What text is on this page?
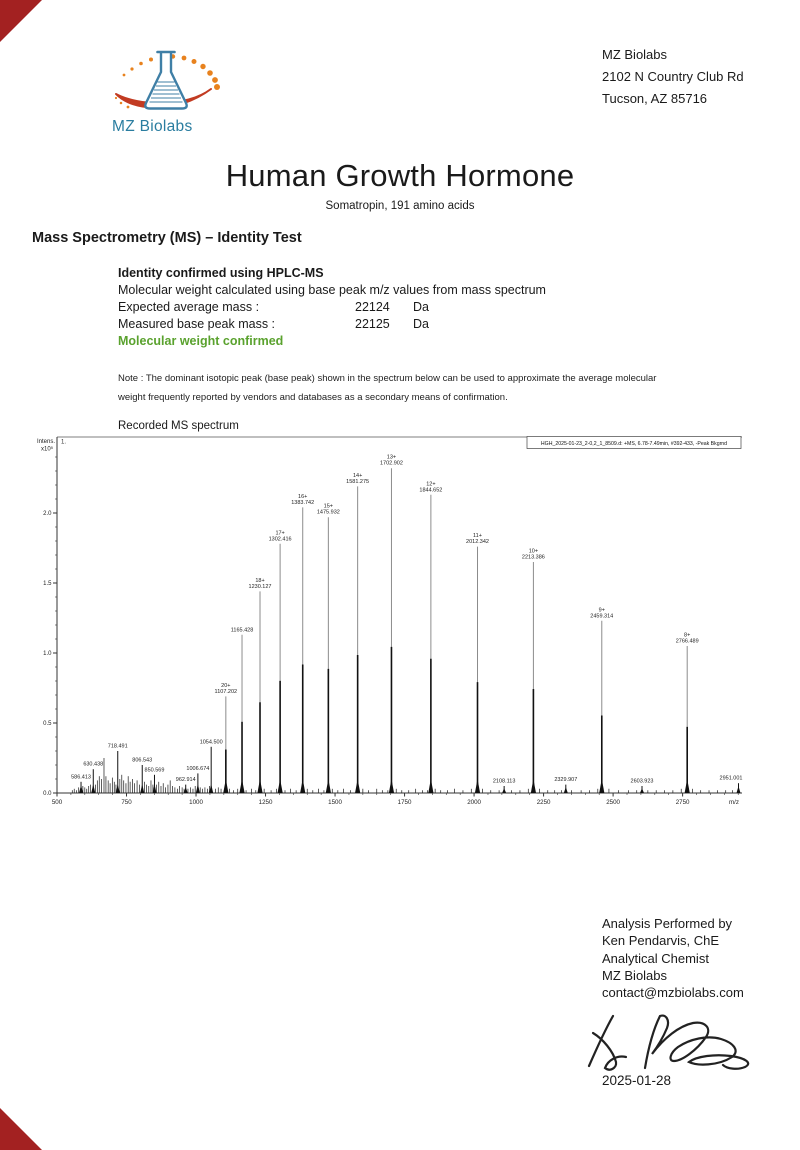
MZ Biolabs
MZ Biolabs
2102 N Country Club Rd
Tucson, AZ 85716
Human Growth Hormone
Somatropin, 191 amino acids
Mass Spectrometry (MS) – Identity Test
Identity confirmed using HPLC-MS
Molecular weight calculated using base peak m/z values from mass spectrum
Expected average mass :	22124 Da
Measured base peak mass :	22125 Da
Molecular weight confirmed
Note : The dominant isotopic peak (base peak) shown in the spectrum below can be used to approximate the average molecular weight frequently reported by vendors and databases as a secondary means of confirmation.
Recorded MS spectrum
0.0
0.5
1.0
1.5
2.0
Intens.
x10⁵
1.
500	750	1000	1250	1500	1750	2000	2250	2500	2750	m/z
586.413
630.438
718.491
806.543
850.569
962.914
1006.674
1054.500
20+
1107.202
1165.428
18+
1230.127
17+
1302.416
16+
1383.742
15+
1475.932
14+
1581.275
13+
1702.902
12+
1844.652
11+
2012.342
2108.113
10+
2213.386
2329.907
9+
2459.314
2603.923
8+
2766.489
2951.001
HGH_2025-01-23_2-0,2_1_8509.d: +MS, 6.78-7.49min, #392-433, -Peak Bkgrnd
Analysis Performed by
Ken Pendarvis, ChE
Analytical Chemist
MZ Biolabs
contact@mzbiolabs.com
2025-01-28
